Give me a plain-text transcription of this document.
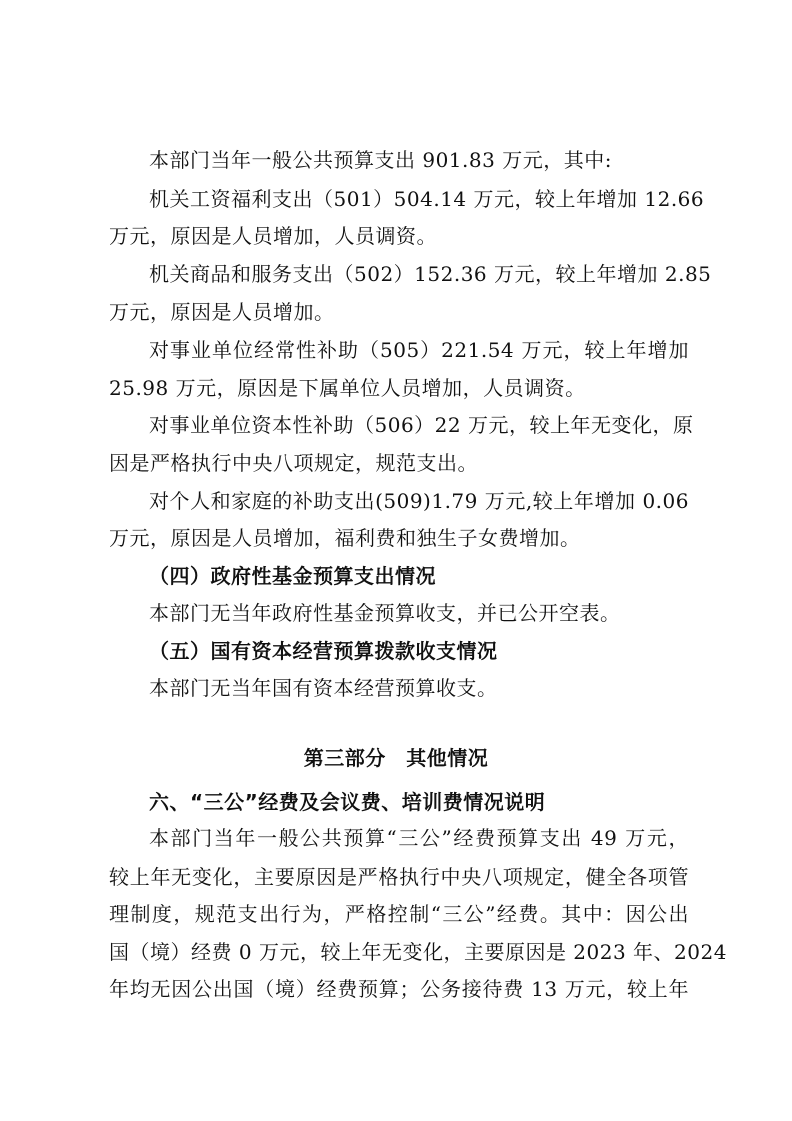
本部门当年一般公共预算支出 901.83 万元，其中:
机关工资福利支出（501）504.14 万元，较上年增加 12.66
万元，原因是人员增加，人员调资。
机关商品和服务支出（502）152.36 万元，较上年增加 2.85
万元，原因是人员增加。
对事业单位经常性补助（505）221.54 万元，较上年增加
25.98 万元，原因是下属单位人员增加，人员调资。
对事业单位资本性补助（506）22 万元，较上年无变化，原
因是严格执行中央八项规定，规范支出。
对个人和家庭的补助支出(509)1.79 万元,较上年增加 0.06
万元，原因是人员增加，福利费和独生子女费增加。
（四）政府性基金预算支出情况
本部门无当年政府性基金预算收支，并已公开空表。
（五）国有资本经营预算拨款收支情况
本部门无当年国有资本经营预算收支。
第三部分　其他情况
六、“三公”经费及会议费、培训费情况说明
本部门当年一般公共预算“三公”经费预算支出 49 万元，
较上年无变化，主要原因是严格执行中央八项规定，健全各项管
理制度，规范支出行为，严格控制“三公”经费。其中：因公出
国（境）经费 0 万元，较上年无变化，主要原因是 2023 年、2024
年均无因公出国（境）经费预算；公务接待费 13 万元，较上年
